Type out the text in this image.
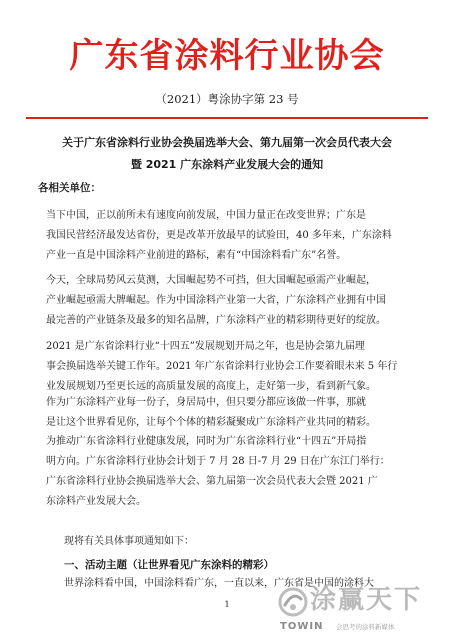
广东省涂料行业协会
（2021）粤涂协字第 23 号
关于广东省涂料行业协会换届选举大会、第九届第一次会员代表大会
暨 2021 广东涂料产业发展大会的通知
各相关单位：
当下中国，正以前所未有速度向前发展，中国力量正在改变世界；广东是
我国民营经济最发达省份，更是改革开放最早的试验田，40 多年来，广东涂料
产业一直是中国涂料产业前进的路标，素有“中国涂料看广东”名誉。
今天，全球局势风云莫测，大国崛起势不可挡，但大国崛起亟需产业崛起，
产业崛起亟需大牌崛起。作为中国涂料产业第一大省，广东涂料产业拥有中国
最完善的产业链条及最多的知名品牌，广东涂料产业的精彩期待更好的绽放。
2021 是广东省涂料行业“十四五”发展规划开局之年，也是协会第九届理
事会换届选举关键工作年。2021 年广东省涂料行业协会工作要着眼未来 5 年行
业发展规划乃至更长远的高质量发展的高度上，走好第一步，看到新气象。
作为广东涂料产业每一份子，身居局中，但只要分都应该做一件事，那就
是让这个世界看见你，让每个个体的精彩凝聚成广东涂料产业共同的精彩。
为推动广东省涂料行业健康发展，同时为广东省涂料行业“十四五”开局指
明方向。广东省涂料行业协会计划于 7 月 28 日-7 月 29 日在广东江门举行：
广东省涂料行业协会换届选举大会、第九届第一次会员代表大会暨 2021 广
东涂料产业发展大会。
现将有关具体事项通知如下：
一、活动主题（让世界看见广东涂料的精彩）
世界涂料看中国，中国涂料看广东，一直以来，广东省是中国的涂料大
1	涂赢天下
TOWIN 会思考的涂料新媒体
